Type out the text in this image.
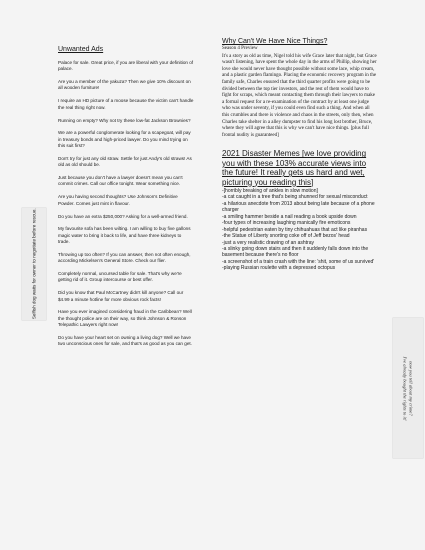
Unwanted Ads

Palace for sale. Great price, if you are liberal with your definition of palace.

Are you a member of the yakuza? Then we give 10% discount on all wooden furniture!

I require an HD picture of a moose because the victim can't handle the real thing right now.

Running on empty? Why not try these low-fat Jackson Brownies?

We are a powerful conglomerate looking for a scapegoat, will pay in treasury bonds and high-priced lawyer. Do you mind trying on this suit first?

Don't try for just any old straw. Settle for just Andy's old straws! As old as old should be.

Just because you don't have a lawyer doesn't mean you can't commit crimes. Call our office tonight. Wear something nice.

Are you having second thoughts? Use Johnson's Definitive Powder. Comes just mint in flavour.

Do you have an extra $250,000? Asking for a well-armed friend.

My favourite sofa has been wilting. I am willing to buy five gallons magic water to bring it back to life, and have three kidneys to trade.

Throwing up too often? If you can answer, then not often enough, according Mickelsen's General Store. Check our flier.

Completely normal, uncursed table for sale. That's why we're getting rid of it. Group intercourse or best offer.

Did you know that Paul McCartney didn't kill anyone? Call our $4.99 a minute hotline for more obvious rock facts!

Have you ever imagined considering fraud in the Caribbean? Well the thought police are on their way, so think Johnson & Ronson Telepathic Lawyers right now!

Do you have your heart set on owning a living dog? Well we have two unconscious ones for sale, and that's as good as you can get.

Why Can't We Have Nice Things?
Season 4 Preview
It's a story as old as time, Nigel told his wife Grace later that night, but Grace wasn't listening, have spent the whole day in the arms of Phillip, showing her love she would never have thought possible without some lace, whip cream, and a plastic garden flamingo. Placing the economic recovery program in the family safe, Charles ensured that the third quarter profits were going to be divided between the top tier investors, and the rest of them would have to fight for scraps, which meant contacting them through their lawyers to make a formal request for a re-examination of the contract by at least one judge who was under seventy, if you could even find such a thing. And when all this crumbles and there is violence and chaos in the streets, only then, when Charles take shelter in a alley dumpster to find his long lost brother, Bruce, where they will agree that this is why we can't have nice things. [plus full frontal nudity is guaranteed]
2021 Disaster Memes [we love providing you with these 103% accurate views into the future! It really gets us hard and wet, picturing you reading this]
-[horribly breaking of ankles in slow motion]
-a cat caught in a tree that's being shunned for sexual misconduct
-a hilarious anecdote from 2013 about being late because of a phone charger
-a smiling hammer beside a nail reading a book upside down
-four types of increasing laughing manically fire emoticons
-helpful pedestrian eaten by tiny chihuahuas that act like piranhas
-the Statue of Liberty snorting coke off of Jeff bezos' head
-just a very realistic drawing of an ashtray
-a slinky going down stairs and then it suddenly falls down into the basement because there's no floor
-a screenshot of a train crash with the line: 'shit, some of us survived'
-playing Russian roulette with a depressed octopus
Selfish dog waits for owner to negotiate before rescue.
now you tell about my crime?
I've already bought the rights to it!
